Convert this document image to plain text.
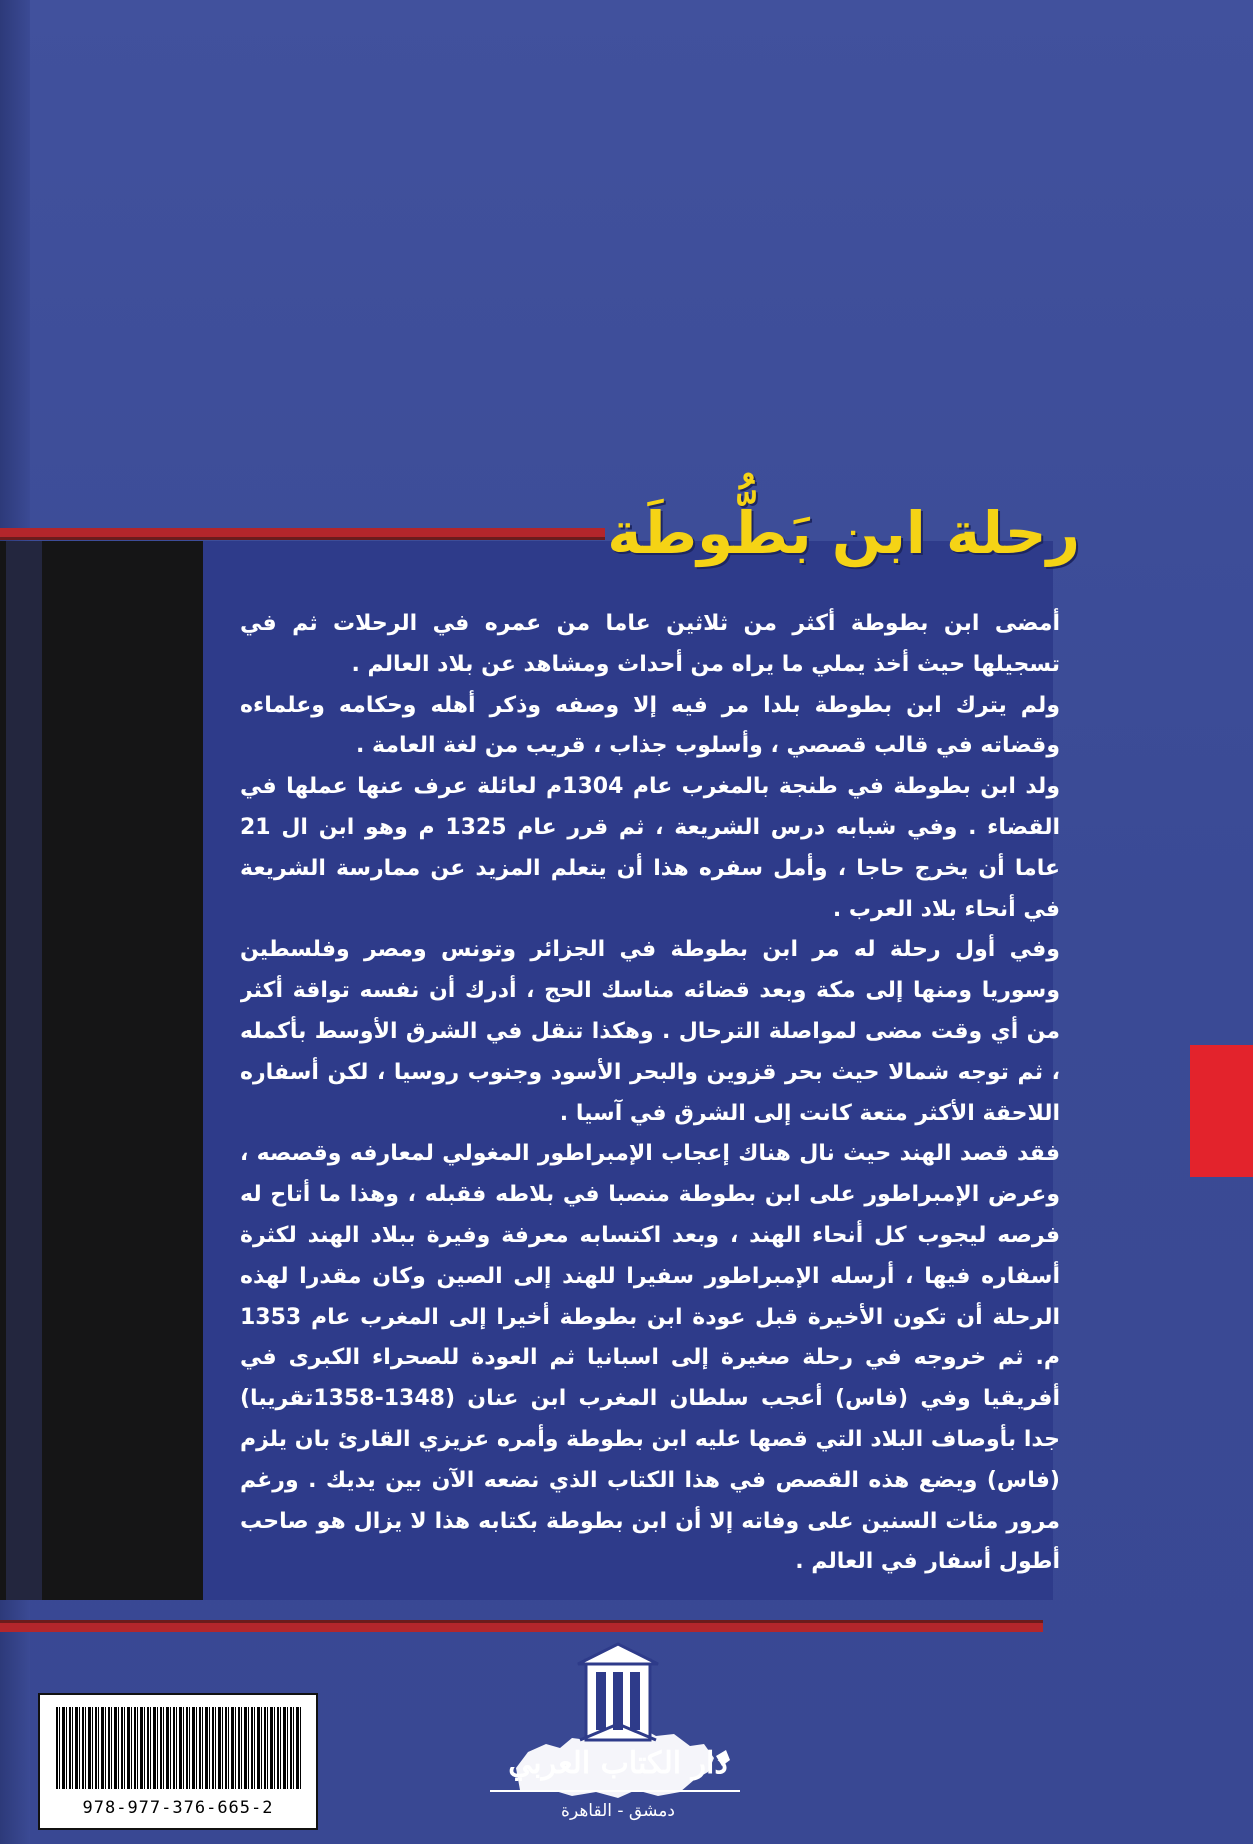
رحلة ابن بَطُّوطَة

أمضى ابن بطوطة أكثر من ثلاثين عاما من عمره في الرحلات ثم في تسجيلها حيث أخذ يملي ما يراه من أحداث ومشاهد عن بلاد العالم .

ولم يترك ابن بطوطة بلدا مر فيه إلا وصفه وذكر أهله وحكامه وعلماءه وقضاته في قالب قصصي ، وأسلوب جذاب ، قريب من لغة العامة .

ولد ابن بطوطة في طنجة بالمغرب عام 1304م لعائلة عرف عنها عملها في القضاء . وفي شبابه درس الشريعة ، ثم قرر عام 1325 م وهو ابن ال 21 عاما أن يخرج حاجا ، وأمل سفره هذا أن يتعلم المزيد عن ممارسة الشريعة في أنحاء بلاد العرب .

وفي أول رحلة له مر ابن بطوطة في الجزائر وتونس ومصر وفلسطين وسوريا ومنها إلى مكة وبعد قضائه مناسك الحج ، أدرك أن نفسه تواقة أكثر من أي وقت مضى لمواصلة الترحال . وهكذا تنقل في الشرق الأوسط بأكمله ، ثم توجه شمالا حيث بحر قزوين والبحر الأسود وجنوب روسيا ، لكن أسفاره اللاحقة الأكثر متعة كانت إلى الشرق في آسيا .

فقد قصد الهند حيث نال هناك إعجاب الإمبراطور المغولي لمعارفه وقصصه ، وعرض الإمبراطور على ابن بطوطة منصبا في بلاطه فقبله ، وهذا ما أتاح له فرصه ليجوب كل أنحاء الهند ، وبعد اكتسابه معرفة وفيرة ببلاد الهند لكثرة أسفاره فيها ، أرسله الإمبراطور سفيرا للهند إلى الصين وكان مقدرا لهذه الرحلة أن تكون الأخيرة قبل عودة ابن بطوطة أخيرا إلى المغرب عام 1353 م. ثم خروجه في رحلة صغيرة إلى اسبانيا ثم العودة للصحراء الكبرى في أفريقيا وفي (فاس) أعجب سلطان المغرب ابن عنان (1348-1358تقريبا) جدا بأوصاف البلاد التي قصها عليه ابن بطوطة وأمره عزيزي القارئ بان يلزم (فاس) ويضع هذه القصص في هذا الكتاب الذي نضعه الآن بين يديك . ورغم مرور مئات السنين على وفاته إلا أن ابن بطوطة بكتابه هذا لا يزال هو صاحب أطول أسفار في العالم .

978-977-376-665-2
دار الكتاب العربي
دمشق - القاهرة
